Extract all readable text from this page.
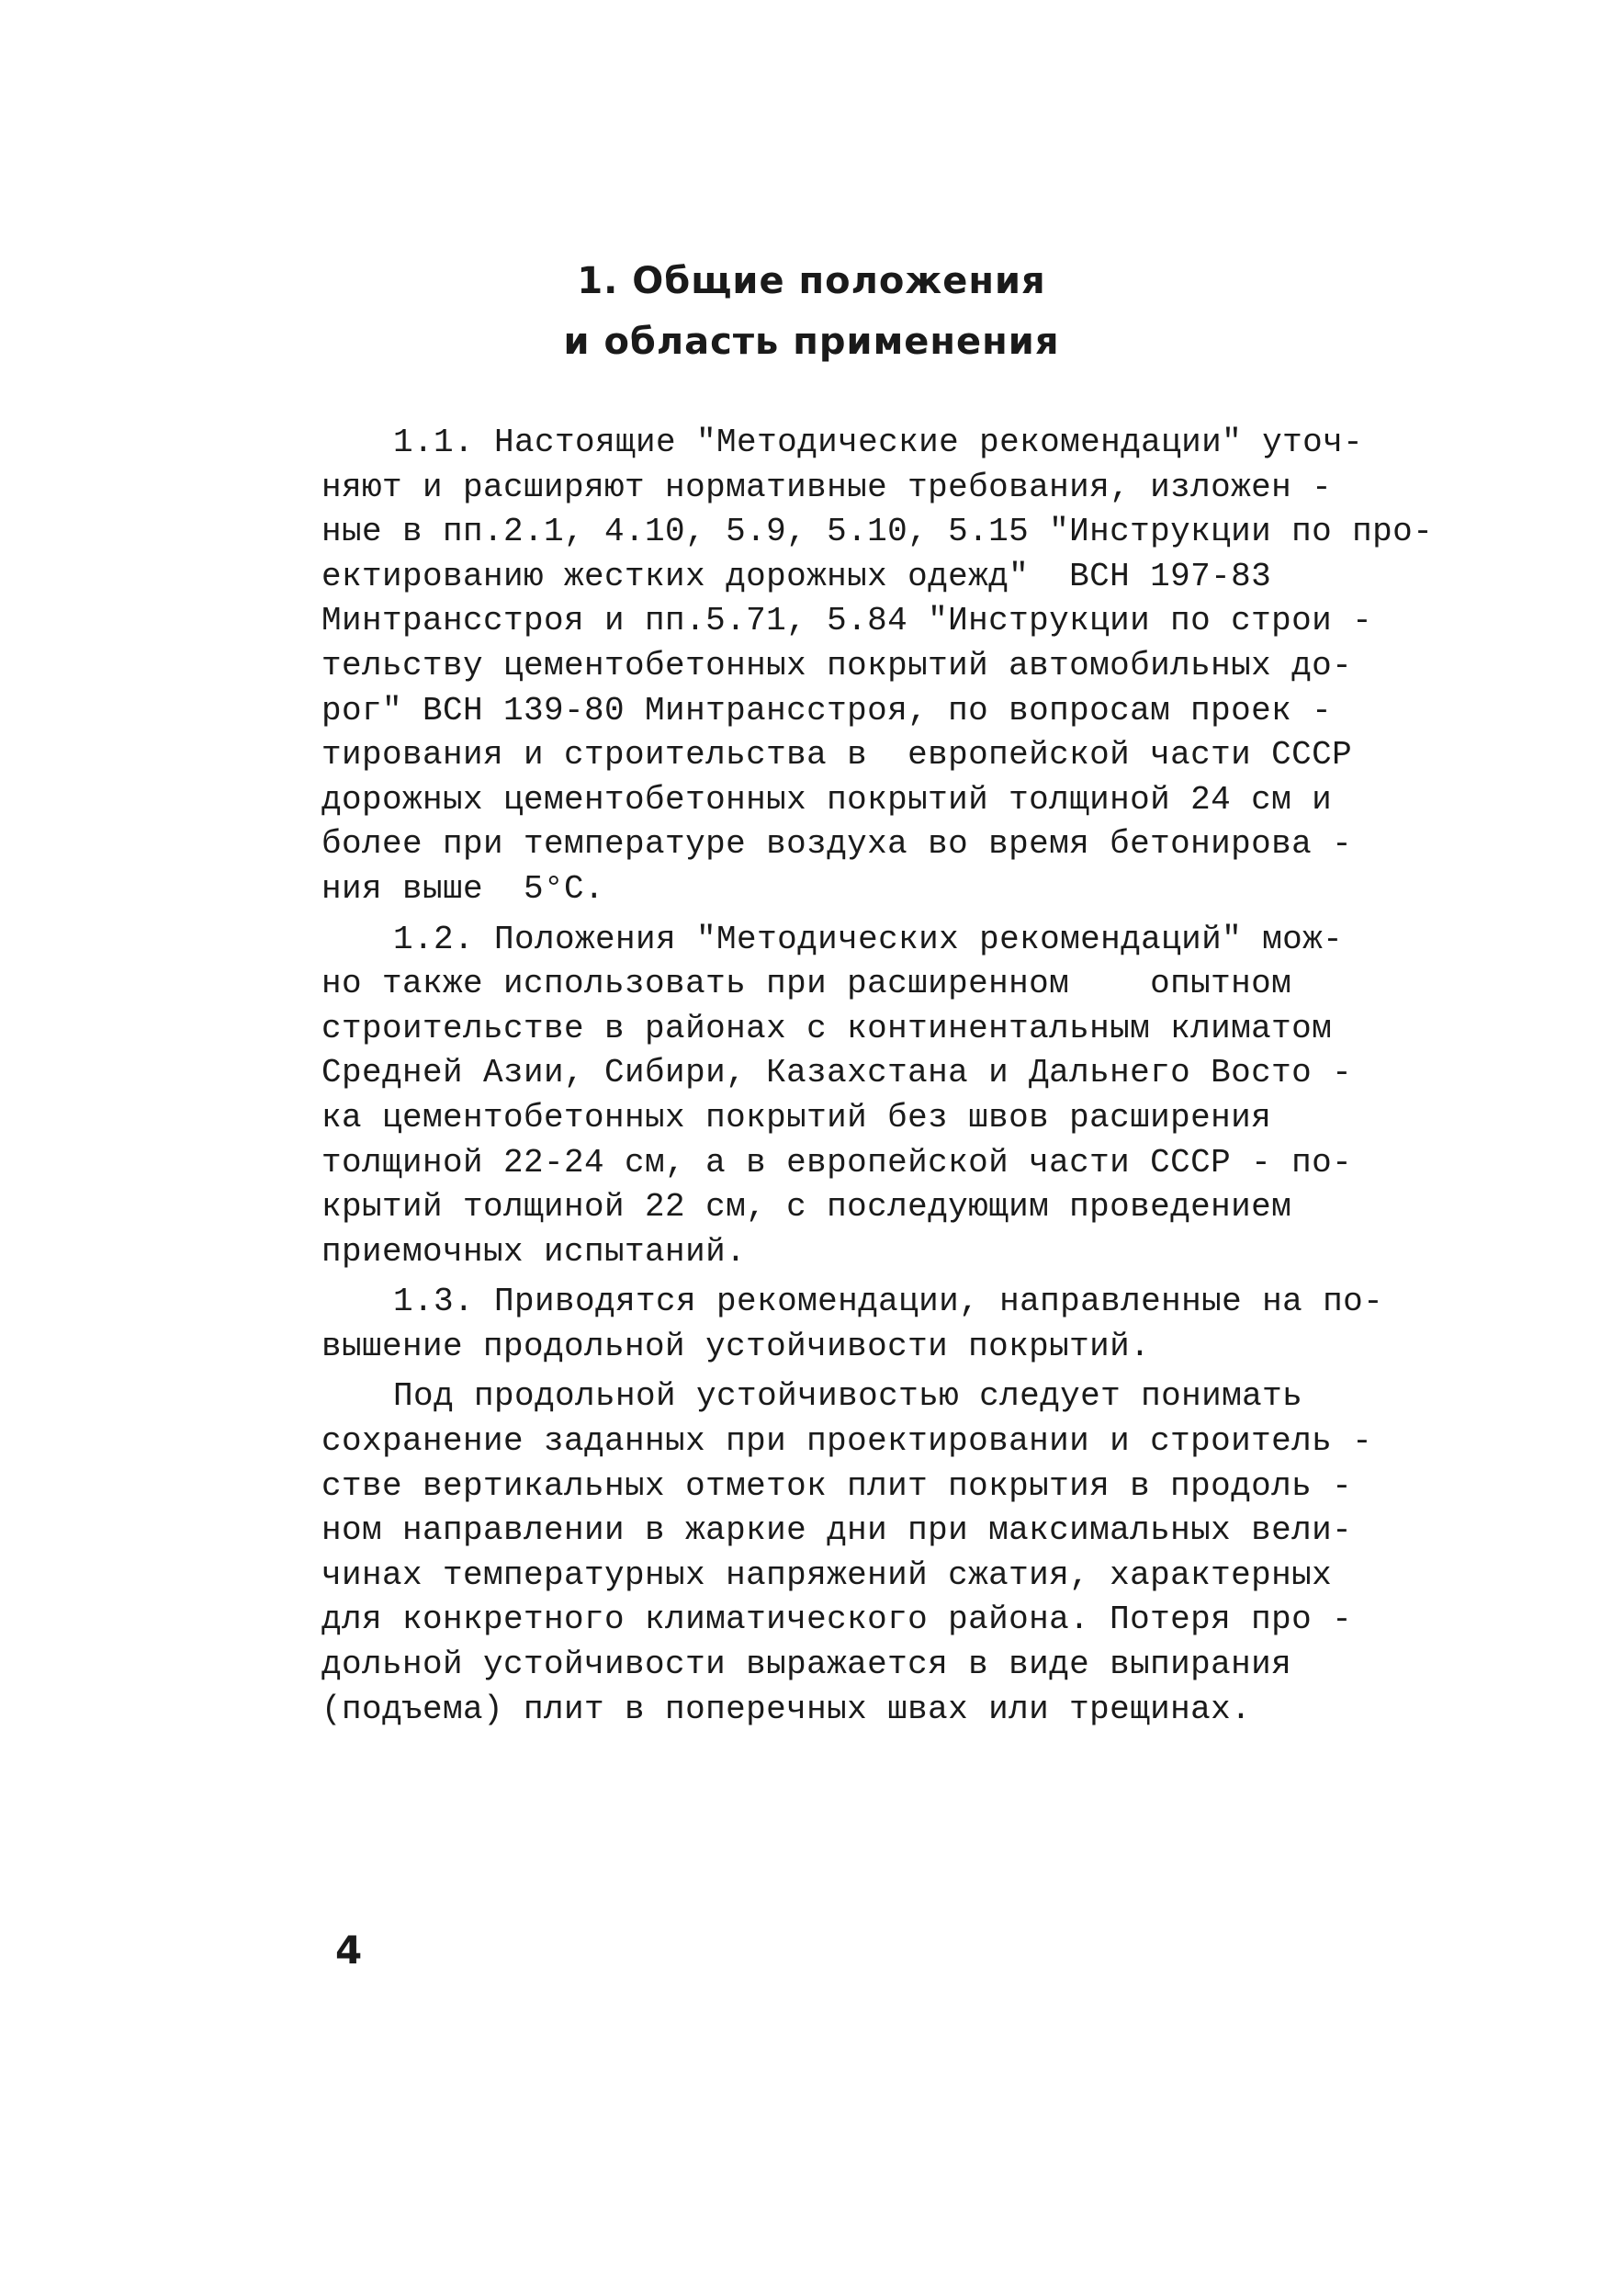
1. Общие положения
и область применения
1.1. Настоящие "Методические рекомендации" уточ-
няют и расширяют нормативные требования, изложен -
ные в пп.2.1, 4.10, 5.9, 5.10, 5.15 "Инструкции по про-
ектированию жестких дорожных одежд"  ВСН 197-83
Минтрансстроя и пп.5.71, 5.84 "Инструкции по строи -
тельству цементобетонных покрытий автомобильных до-
рог" ВСН 139-80 Минтрансстроя, по вопросам проек -
тирования и строительства в  европейской части СССР
дорожных цементобетонных покрытий толщиной 24 см и
более при температуре воздуха во время бетонирова -
ния выше  5°С.
1.2. Положения "Методических рекомендаций" мож-
но также использовать при расширенном    опытном
строительстве в районах с континентальным климатом
Средней Азии, Сибири, Казахстана и Дальнего Восто -
ка цементобетонных покрытий без швов расширения
толщиной 22-24 см, а в европейской части СССР - по-
крытий толщиной 22 см, с последующим проведением
приемочных испытаний.
1.3. Приводятся рекомендации, направленные на по-
вышение продольной устойчивости покрытий.
Под продольной устойчивостью следует понимать
сохранение заданных при проектировании и строитель -
стве вертикальных отметок плит покрытия в продоль -
ном направлении в жаркие дни при максимальных вели-
чинах температурных напряжений сжатия, характерных
для конкретного климатического района. Потеря про -
дольной устойчивости выражается в виде выпирания
(подъема) плит в поперечных швах или трещинах.
4
